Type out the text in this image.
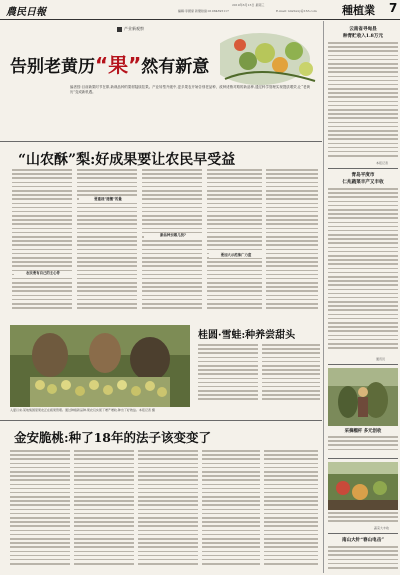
農民日報
2019年6月13日 星期三
編輯:李國偉 新聞熱線:01084395117	E-mail: nmrbzzy@163.com 種植業 7
产业新观察
告别老黄历“果”然有新意
编者按:目前新果时节在即,新栽品种的果树陆续挂果。产业转型升级中,更多果农开始告别老品种、改种适销对路的新品种,通过科学管理实现提质增效,让“老黄历”变成新机遇。
“山农酥”梨:好成果要让农民早受益
要重视“接穗”的量
新品种去哪儿找?
农民要有自己的主心骨
要加大示范推广力度
入夏以来,某地梨园里果农正在疏果管理。通过种植新品种,果农们实现了增产增收,种出了好效益。本报记者 摄
桂圆·雪蛙:种养尝甜头
金安脆桃:种了18年的法子该变变了
云南省寻甸县
种青贮收入1.8万元
本报记者
青岛平度市
仁兆蔬菜丰产又丰收
通讯员
采摘榴杆 多元创收
蔬菜大丰收
南山大针“春山电击”
